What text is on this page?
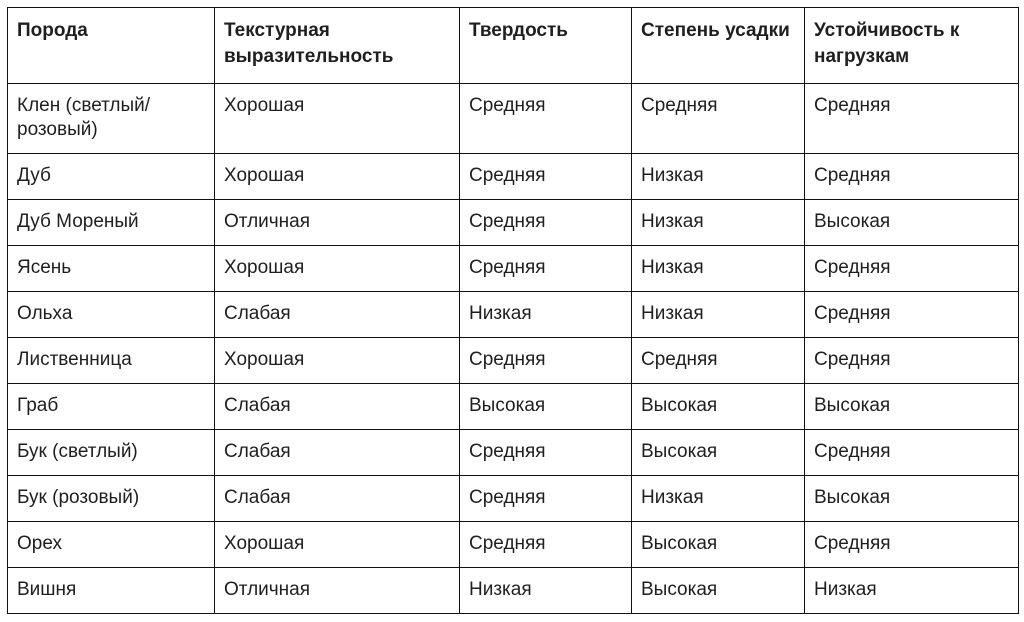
Порода	Текстурная выразительность	Твердость	Степень усадки	Устойчивость к нагрузкам
Клен (светлый/розовый)	Хорошая	Средняя	Средняя	Средняя
Дуб	Хорошая	Средняя	Низкая	Средняя
Дуб Мореный	Отличная	Средняя	Низкая	Высокая
Ясень	Хорошая	Средняя	Низкая	Средняя
Ольха	Слабая	Низкая	Низкая	Средняя
Лиственница	Хорошая	Средняя	Средняя	Средняя
Граб	Слабая	Высокая	Высокая	Высокая
Бук (светлый)	Слабая	Средняя	Высокая	Средняя
Бук (розовый)	Слабая	Средняя	Низкая	Высокая
Орех	Хорошая	Средняя	Высокая	Средняя
Вишня	Отличная	Низкая	Высокая	Низкая
